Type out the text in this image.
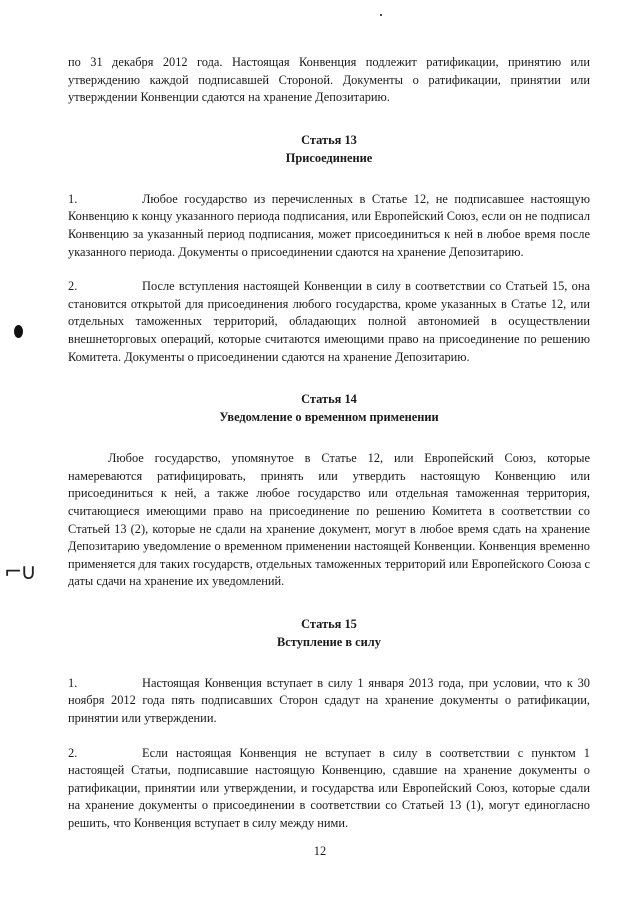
⌐∪

по 31 декабря 2012 года. Настоящая Конвенция подлежит ратификации, принятию или утверждению каждой подписавшей Стороной. Документы о ратификации, принятии или утверждении Конвенции сдаются на хранение Депозитарию.

Статья 13

Присоединение

1.	Любое государство из перечисленных в Статье 12, не подписавшее настоящую Конвенцию к концу указанного периода подписания, или Европейский Союз, если он не подписал Конвенцию за указанный период подписания, может присоединиться к ней в любое время после указанного периода. Документы о присоединении сдаются на хранение Депозитарию.

2.	После вступления настоящей Конвенции в силу в соответствии со Статьей 15, она становится открытой для присоединения любого государства, кроме указанных в Статье 12, или отдельных таможенных территорий, обладающих полной автономией в осуществлении внешнеторговых операций, которые считаются имеющими право на присоединение по решению Комитета. Документы о присоединении сдаются на хранение Депозитарию.

Статья 14

Уведомление о временном применении

Любое государство, упомянутое в Статье 12, или Европейский Союз, которые намереваются ратифицировать, принять или утвердить настоящую Конвенцию или присоединиться к ней, а также любое государство или отдельная таможенная территория, считающиеся имеющими право на присоединение по решению Комитета в соответствии со Статьей 13 (2), которые не сдали на хранение документ, могут в любое время сдать на хранение Депозитарию уведомление о временном применении настоящей Конвенции. Конвенция временно применяется для таких государств, отдельных таможенных территорий или Европейского Союза с даты сдачи на хранение их уведомлений.

Статья 15

Вступление в силу

1.	Настоящая Конвенция вступает в силу 1 января 2013 года, при условии, что к 30 ноября 2012 года пять подписавших Сторон сдадут на хранение документы о ратификации, принятии или утверждении.

2.	Если настоящая Конвенция не вступает в силу в соответствии с пунктом 1 настоящей Статьи, подписавшие настоящую Конвенцию, сдавшие на хранение документы о ратификации, принятии или утверждении, и государства или Европейский Союз, которые сдали на хранение документы о присоединении в соответствии со Статьей 13 (1), могут единогласно решить, что Конвенция вступает в силу между ними.

12
